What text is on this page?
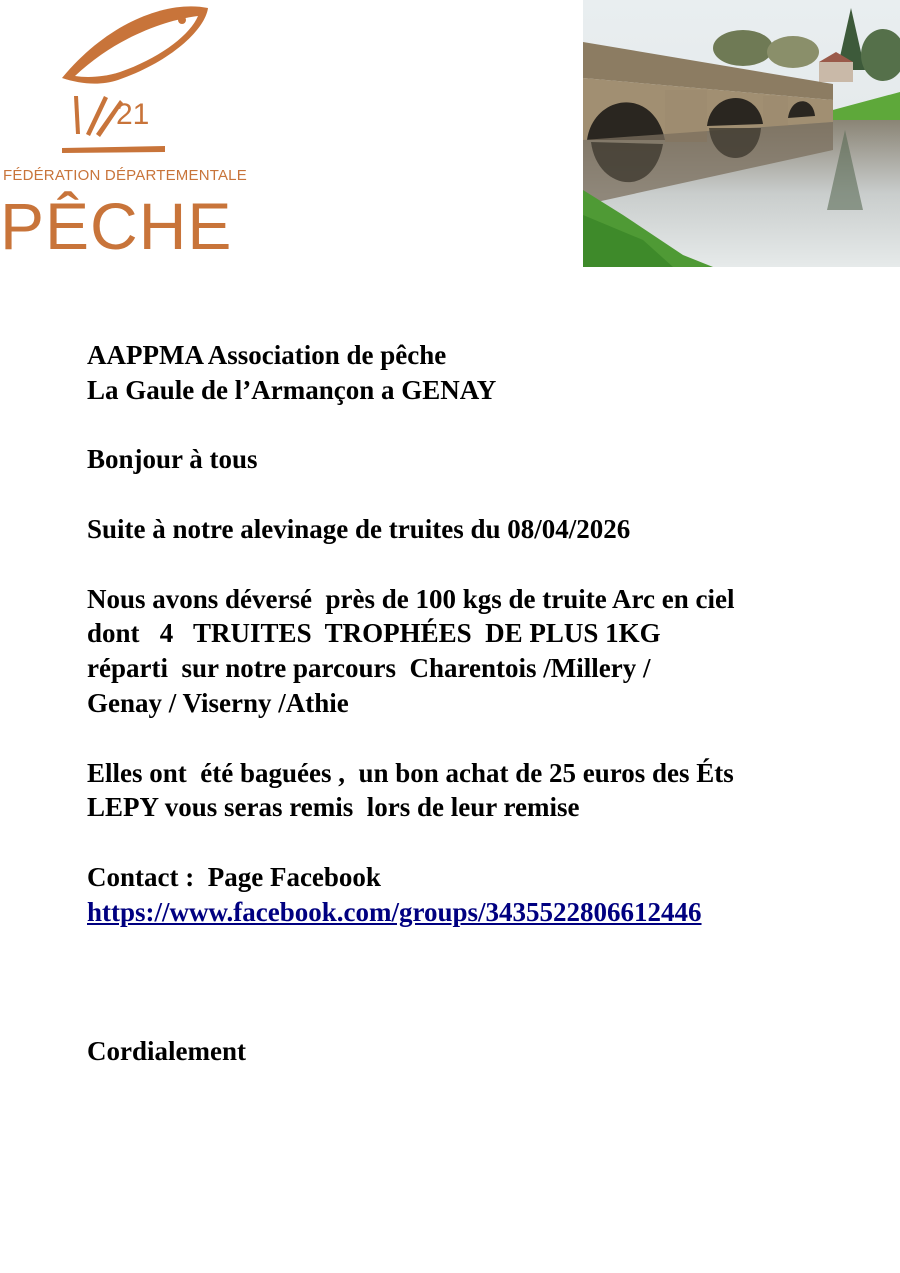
21
FÉDÉRATION DÉPARTEMENTALE
PÊCHE

AAPPMA Association de pêche

La Gaule de l’Armançon a GENAY

Bonjour à tous

Suite à notre alevinage de truites du 08/04/2026

Nous avons déversé  près de 100 kgs de truite Arc en ciel

dont   4   TRUITES  TROPHÉES  DE PLUS 1KG

réparti  sur notre parcours  Charentois /Millery /

Genay / Viserny /Athie

Elles ont  été baguées ,  un bon achat de 25 euros des Éts

LEPY vous seras remis  lors de leur remise

Contact :  Page Facebook

https://www.facebook.com/groups/3435522806612446

Cordialement
